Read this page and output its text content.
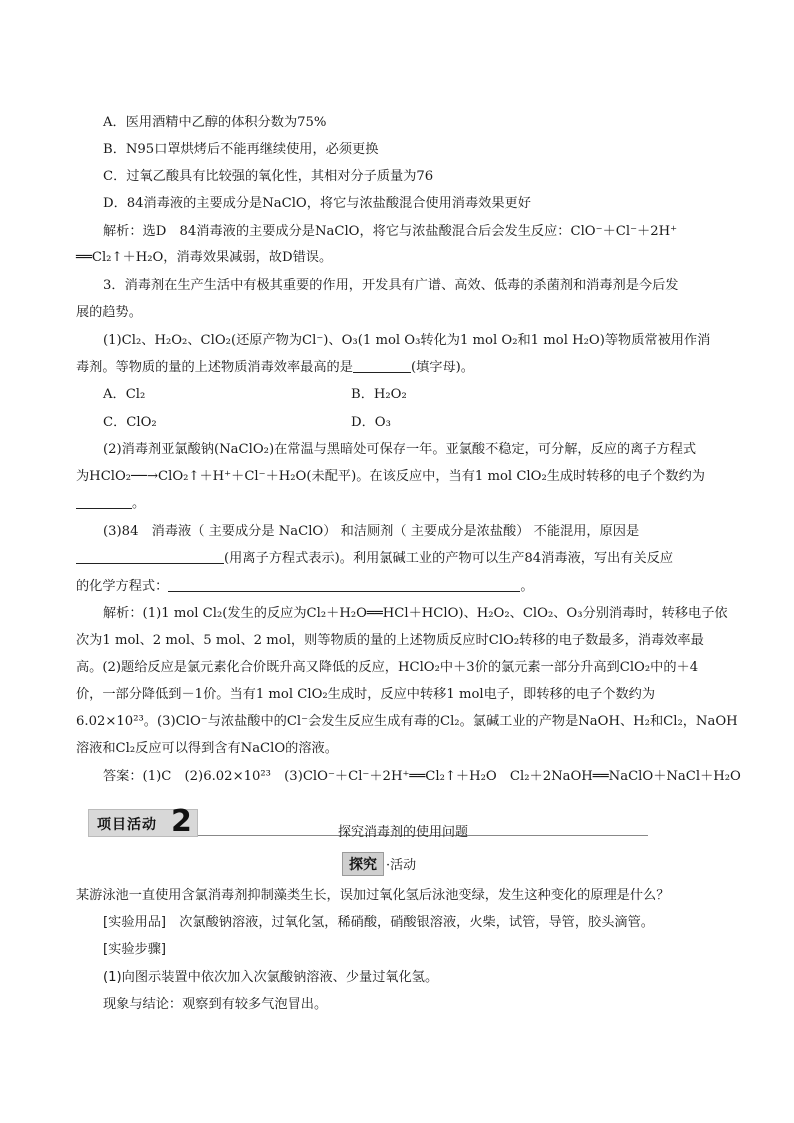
A．医用酒精中乙醇的体积分数为75%
B．N95口罩烘烤后不能再继续使用，必须更换
C．过氧乙酸具有比较强的氧化性，其相对分子质量为76
D．84消毒液的主要成分是NaClO，将它与浓盐酸混合使用消毒效果更好
解析：选D　84消毒液的主要成分是NaClO，将它与浓盐酸混合后会发生反应：ClO⁻＋Cl⁻＋2H⁺
══Cl₂↑＋H₂O，消毒效果减弱，故D错误。
3．消毒剂在生产生活中有极其重要的作用，开发具有广谱、高效、低毒的杀菌剂和消毒剂是今后发
展的趋势。
(1)Cl₂、H₂O₂、ClO₂(还原产物为Cl⁻)、O₃(1 mol O₃转化为1 mol O₂和1 mol H₂O)等物质常被用作消
毒剂。等物质的量的上述物质消毒效率最高的是	(填字母)。
A．Cl₂	B．H₂O₂
C．ClO₂	D．O₃
(2)消毒剂亚氯酸钠(NaClO₂)在常温与黑暗处可保存一年。亚氯酸不稳定，可分解，反应的离子方程式
为HClO₂──→ClO₂↑＋H⁺＋Cl⁻＋H₂O(未配平)。在该反应中，当有1 mol ClO₂生成时转移的电子个数约为
。
(3)84　消毒液（ 主要成分是 NaClO） 和洁厕剂（ 主要成分是浓盐酸） 不能混用，原因是
(用离子方程式表示)。利用氯碱工业的产物可以生产84消毒液，写出有关反应
的化学方程式：	。
解析：(1)1 mol Cl₂(发生的反应为Cl₂＋H₂O══HCl＋HClO)、H₂O₂、ClO₂、O₃分别消毒时，转移电子依
次为1 mol、2 mol、5 mol、2 mol，则等物质的量的上述物质反应时ClO₂转移的电子数最多，消毒效率最
高。(2)题给反应是氯元素化合价既升高又降低的反应，HClO₂中＋3价的氯元素一部分升高到ClO₂中的＋4
价，一部分降低到－1价。当有1 mol ClO₂生成时，反应中转移1 mol电子，即转移的电子个数约为
6.02×10²³。(3)ClO⁻与浓盐酸中的Cl⁻会发生反应生成有毒的Cl₂。氯碱工业的产物是NaOH、H₂和Cl₂，NaOH
溶液和Cl₂反应可以得到含有NaClO的溶液。
答案：(1)C　(2)6.02×10²³　(3)ClO⁻＋Cl⁻＋2H⁺══Cl₂↑＋H₂O　Cl₂＋2NaOH══NaClO＋NaCl＋H₂O
项目活动 2	探究消毒剂的使用问题
探究 ·活动
某游泳池一直使用含氯消毒剂抑制藻类生长，误加过氧化氢后泳池变绿，发生这种变化的原理是什么？
[实验用品]　次氯酸钠溶液，过氧化氢，稀硝酸，硝酸银溶液，火柴，试管，导管，胶头滴管。
[实验步骤]
(1)向图示装置中依次加入次氯酸钠溶液、少量过氧化氢。
现象与结论：观察到有较多气泡冒出。
